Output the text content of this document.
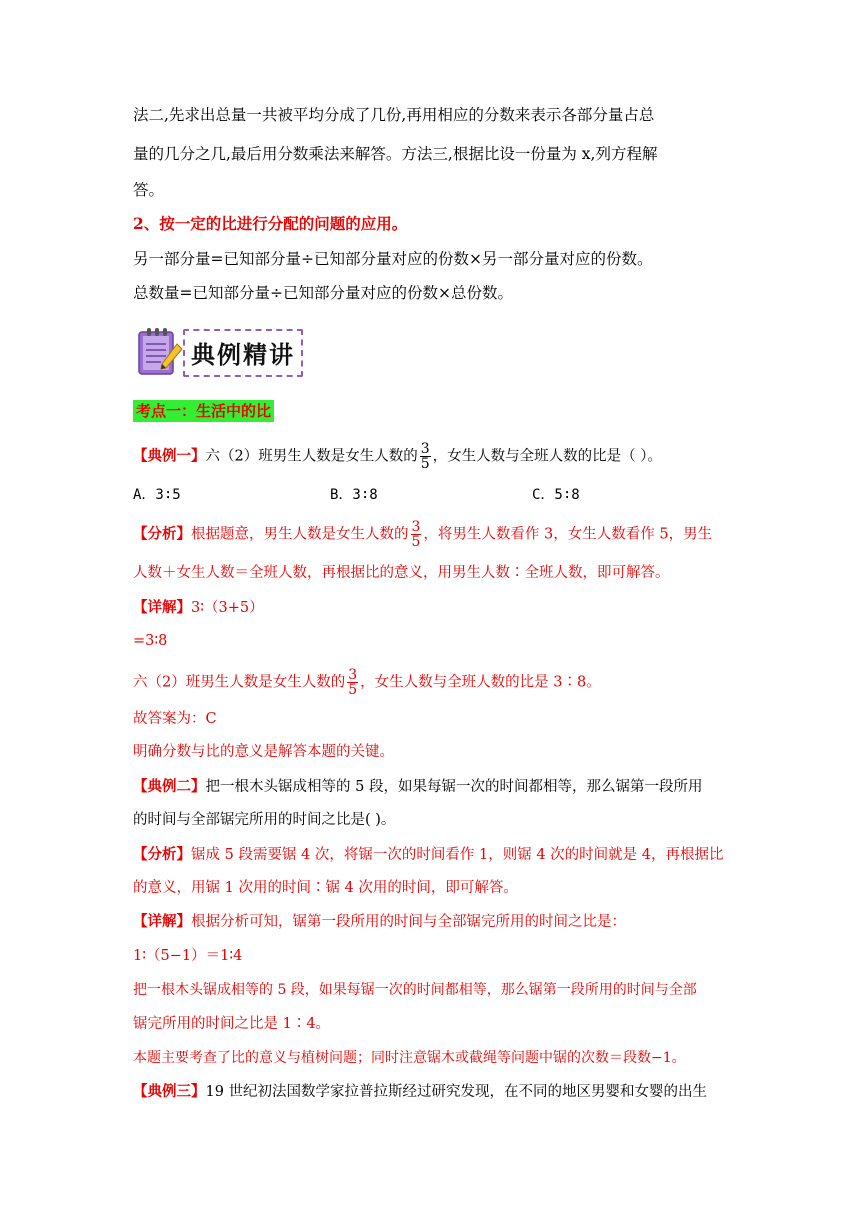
法二,先求出总量一共被平均分成了几份,再用相应的分数来表示各部分量占总
量的几分之几,最后用分数乘法来解答。方法三,根据比设一份量为 x,列方程解
答。
2、按一定的比进行分配的问题的应用。
另一部分量=已知部分量÷已知部分量对应的份数×另一部分量对应的份数。
总数量=已知部分量÷已知部分量对应的份数×总份数。
典例精讲
考点一：生活中的比
【典例一】六（2）班男生人数是女生人数的 $\frac{3}{5}$ ，女生人数与全班人数的比是（ ）。
A．3∶5	B．3∶8	C．5∶8
【分析】根据题意，男生人数是女生人数的 $\frac{3}{5}$ ，将男生人数看作 3，女生人数看作 5，男生
人数＋女生人数＝全班人数，再根据比的意义，用男生人数∶全班人数，即可解答。
【详解】3∶（3+5）
=3∶8
六（2）班男生人数是女生人数的 $\frac{3}{5}$ ，女生人数与全班人数的比是 3∶8。
故答案为：C
明确分数与比的意义是解答本题的关键。
【典例二】把一根木头锯成相等的 5 段，如果每锯一次的时间都相等，那么锯第一段所用
的时间与全部锯完所用的时间之比是( )。
【分析】锯成 5 段需要锯 4 次，将锯一次的时间看作 1，则锯 4 次的时间就是 4，再根据比
的意义，用锯 1 次用的时间∶锯 4 次用的时间，即可解答。
【详解】根据分析可知，锯第一段所用的时间与全部锯完所用的时间之比是：
1∶（5−1）＝1∶4
把一根木头锯成相等的 5 段，如果每锯一次的时间都相等，那么锯第一段所用的时间与全部
锯完所用的时间之比是 1∶4。
本题主要考查了比的意义与植树问题；同时注意锯木或截绳等问题中锯的次数＝段数−1。
【典例三】19 世纪初法国数学家拉普拉斯经过研究发现，在不同的地区男婴和女婴的出生
